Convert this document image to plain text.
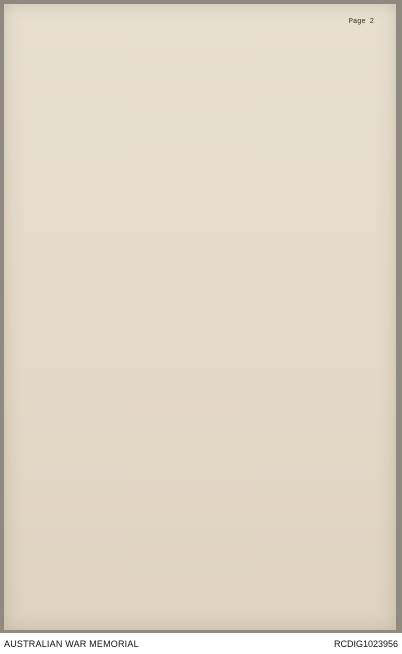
Page 2

AUSTRALIAN WAR MEMORIAL	RCDIG1023956
